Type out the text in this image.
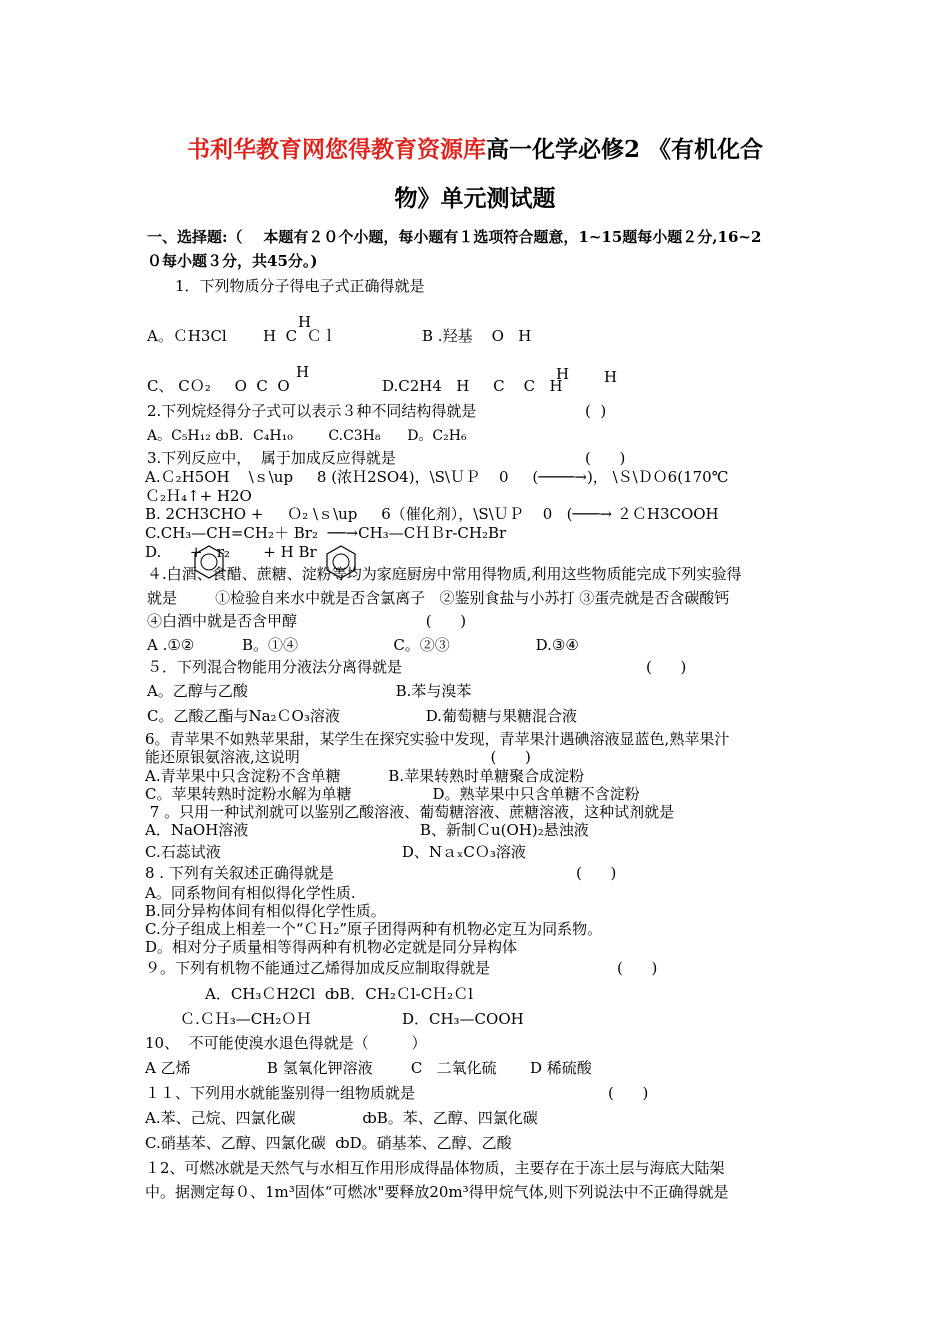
书利华教育网您得教育资源库高一化学必修2 《有机化合
物》单元测试题
一、选择题:（    本题有２０个小题，每小题有１选项符合题意，1~15题每小题２分,16~2
０每小题３分，共45分。)
1．下列物质分子得电子式正确得就是
A。ＣH3Cl
H
H  C  Ｃｌ	B .羟基    O   H
H
C、 CＯ₂     O  C  O	D.C2H4   H     C    C   H
H H
2.下列烷烃得分子式可以表示３种不同结构得就是	(  )
A。C₅H₁₂ ȸB．C₄H₁₀        C.C3H₈      D。C₂H₆
3.下列反应中，  属于加成反应得就是	(      )
A.Ｃ₂H5OH    \ｓ\up     8 (浓Ｈ2SO4)，\S\ＵＰ    0     (────→)， \Ｓ\ＤＯ6(170℃
Ｃ₂Ｈ₄↑+ H2O
B. 2CH3CHO +     Ｏ₂ \ｓ\up     6（催化剂），\S\ＵＰ    0   (───→ ２ＣH3COOH
C.CH₃—CH=CH₂＋ Br₂  ──→CH₃—CＨＢr-CH₂Br
D.      +   r₂       + H Br
４.白酒、食醋、蔗糖、淀粉等均为家庭厨房中常用得物质,利用这些物质能完成下列实验得
就是        ①检验自来水中就是否含氯离子   ②鉴别食盐与小苏打 ③蛋壳就是否含碳酸钙
④白酒中就是否含甲醇                           (      )
A .①②          B。①④                    C。②③                  D.③④
５．下列混合物能用分液法分离得就是	(      )
A。乙醇与乙酸                               B.苯与溴苯
C。乙酸乙酯与Na₂ＣO₃溶液                  D.葡萄糖与果糖混合液
6。青苹果不如熟苹果甜，某学生在探究实验中发现，青苹果汁遇碘溶液显蓝色,熟苹果汁
能还原银氨溶液,这说明                                        (      )
A.青苹果中只含淀粉不含单糖          B.苹果转熟时单糖聚合成淀粉
C。苹果转熟时淀粉水解为单糖                 D。熟苹果中只含单糖不含淀粉
7 。只用一种试剂就可以鉴别乙酸溶液、葡萄糖溶液、蔗糖溶液，这种试剂就是
A．NaOH溶液                                    B、新制Ｃu(OH)₂悬浊液
C.石蕊试液                                      D、NａₓCＯ₃溶液
8 . 下列有关叙述正确得就是	(      )
A。同系物间有相似得化学性质.
B.同分异构体间有相似得化学性质。
C.分子组成上相差一个“ＣＨ₂”原子团得两种有机物必定互为同系物。
D。相对分子质量相等得两种有机物必定就是同分异构体
９。下列有机物不能通过乙烯得加成反应制取得就是	(      )
A．CH₃ＣH2Cl  ȸB．CH₂Ｃl-CＨ₂Ｃl
Ｃ.ＣＨ₃—CH₂ＯＨ                   D．CH₃—COOH
10、  不可能使溴水退色得就是（         ）
A 乙烯                B 氢氧化钾溶液        C   二氧化硫       D 稀硫酸
１１、下列用水就能鉴别得一组物质就是	(      )
A.苯、己烷、四氯化碳              ȸB。苯、乙醇、四氯化碳
C.硝基苯、乙醇、四氯化碳  ȸD。硝基苯、乙醇、乙酸
１2、可燃冰就是天然气与水相互作用形成得晶体物质，主要存在于冻土层与海底大陆架
中。据测定每０、1m³固体“可燃冰"要释放20m³得甲烷气体,则下列说法中不正确得就是
